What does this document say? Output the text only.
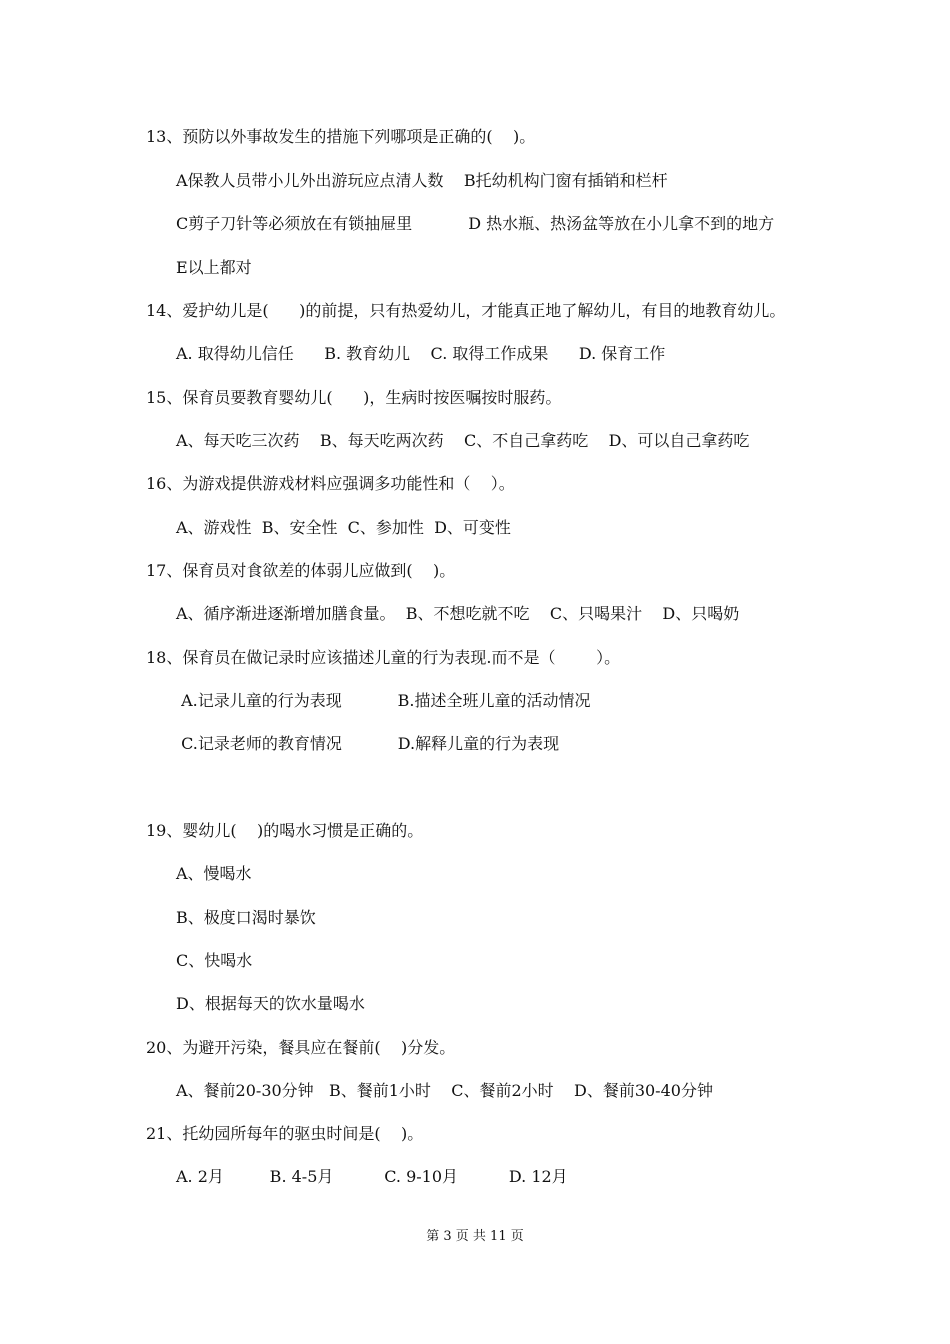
13、预防以外事故发生的措施下列哪项是正确的(    )。
A保教人员带小儿外出游玩应点清人数    B托幼机构门窗有插销和栏杆
C剪子刀针等必须放在有锁抽屉里           D 热水瓶、热汤盆等放在小儿拿不到的地方
E以上都对
14、爱护幼儿是(      )的前提，只有热爱幼儿，才能真正地了解幼儿，有目的地教育幼儿。
A. 取得幼儿信任      B. 教育幼儿    C. 取得工作成果      D. 保育工作
15、保育员要教育婴幼儿(      )，生病时按医嘱按时服药。
A、每天吃三次药    B、每天吃两次药    C、不自己拿药吃    D、可以自己拿药吃
16、为游戏提供游戏材料应强调多功能性和（    ）。
A、游戏性  B、安全性  C、参加性  D、可变性
17、保育员对食欲差的体弱儿应做到(    )。
A、循序渐进逐渐增加膳食量。  B、不想吃就不吃    C、只喝果汁    D、只喝奶
18、保育员在做记录时应该描述儿童的行为表现.而不是（        ）。
A.记录儿童的行为表现           B.描述全班儿童的活动情况
C.记录老师的教育情况           D.解释儿童的行为表现
19、婴幼儿(    )的喝水习惯是正确的。
A、慢喝水
B、极度口渴时暴饮
C、快喝水
D、根据每天的饮水量喝水
20、为避开污染，餐具应在餐前(    )分发。
A、餐前20-30分钟   B、餐前1小时    C、餐前2小时    D、餐前30-40分钟
21、托幼园所每年的驱虫时间是(    )。
A. 2月         B. 4-5月          C. 9-10月          D. 12月
第 3 页 共 11 页
